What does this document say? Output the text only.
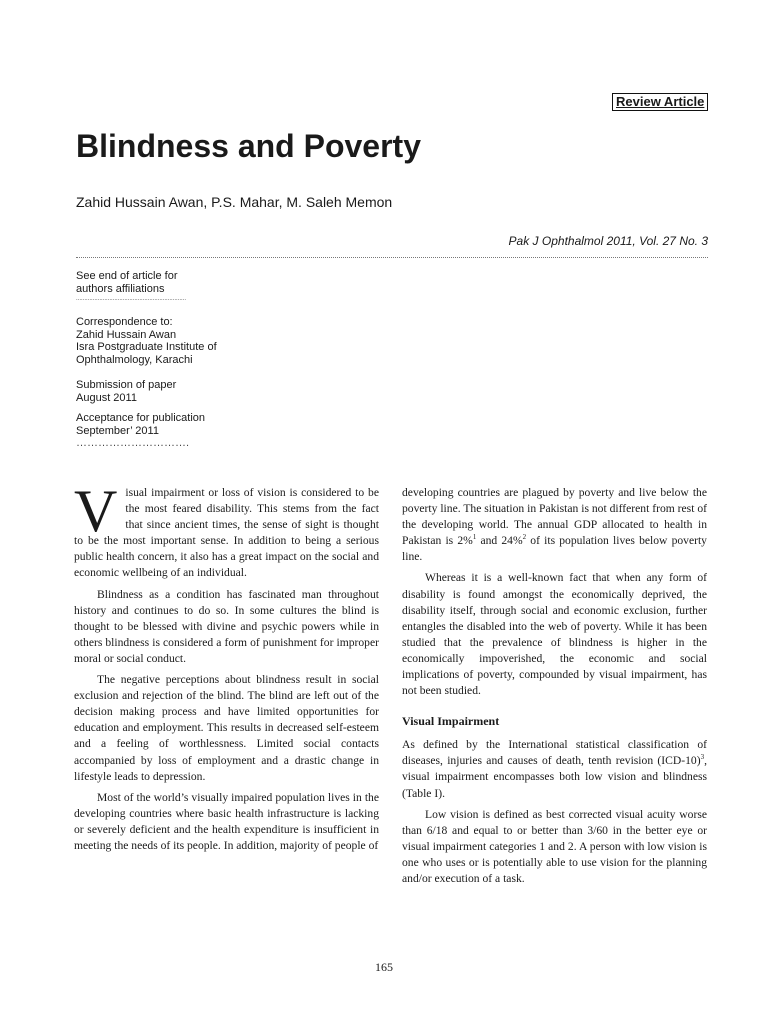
Review Article
Blindness and Poverty
Zahid Hussain Awan, P.S. Mahar, M. Saleh Memon
Pak J Ophthalmol 2011, Vol. 27 No. 3

See end of article for

authors affiliations

..................................................................

Correspondence to:

Zahid Hussain Awan

Isra Postgraduate Institute of

Ophthalmology, Karachi

Submission of paper

August 2011

Acceptance for publication

September’ 2011

………………………….

Visual impairment or loss of vision is considered to be the most feared disability. This stems from the fact that since ancient times, the sense of sight is thought to be the most important sense. In addition to being a serious public health concern, it also has a great impact on the social and economic wellbeing of an individual.

Blindness as a condition has fascinated man throughout history and continues to do so. In some cultures the blind is thought to be blessed with divine and psychic powers while in others blindness is considered a form of punishment for improper moral or social conduct.

The negative perceptions about blindness result in social exclusion and rejection of the blind. The blind are left out of the decision making process and have limited opportunities for education and employment. This results in decreased self-esteem and a feeling of worthlessness. Limited social contacts accompanied by loss of employment and a drastic change in lifestyle leads to depression.

Most of the world’s visually impaired population lives in the developing countries where basic health infrastructure is lacking or severely deficient and the health expenditure is insufficient in meeting the needs of its people. In addition, majority of people of

developing countries are plagued by poverty and live below the poverty line. The situation in Pakistan is not different from rest of the developing world. The annual GDP allocated to health in Pakistan is 2%$^1$ and 24%$^2$ of its population lives below poverty line.

Whereas it is a well-known fact that when any form of disability is found amongst the economically deprived, the disability itself, through social and economic exclusion, further entangles the disabled into the web of poverty. While it has been studied that the prevalence of blindness is higher in the economically impoverished, the economic and social implications of poverty, compounded by visual impairment, has not been studied.

Visual Impairment

As defined by the International statistical classification of diseases, injuries and causes of death, tenth revision $(ICD-10)^3$, visual impairment encompasses both low vision and blindness (Table I).

Low vision is defined as best corrected visual acuity worse than 6/18 and equal to or better than 3/60 in the better eye or visual impairment categories 1 and 2. A person with low vision is one who uses or is potentially able to use vision for the planning and/or execution of a task.

165
